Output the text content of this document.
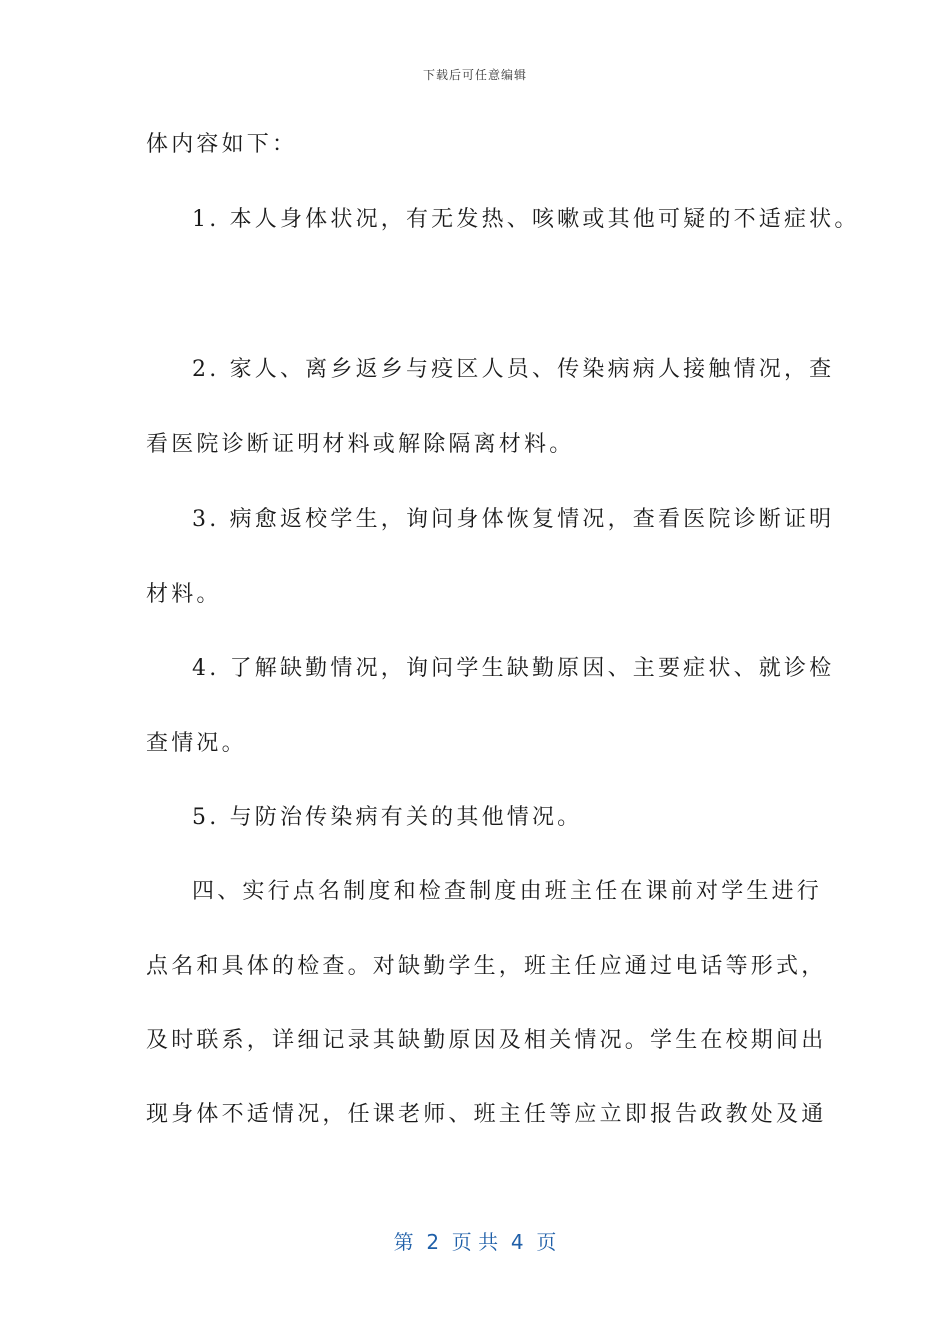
下载后可任意编辑
体内容如下：
1. 本人身体状况，有无发热、咳嗽或其他可疑的不适症状。
2. 家人、离乡返乡与疫区人员、传染病病人接触情况，查
看医院诊断证明材料或解除隔离材料。
3. 病愈返校学生，询问身体恢复情况，查看医院诊断证明
材料。
4. 了解缺勤情况，询问学生缺勤原因、主要症状、就诊检
查情况。
5. 与防治传染病有关的其他情况。
四、实行点名制度和检查制度由班主任在课前对学生进行
点名和具体的检查。对缺勤学生，班主任应通过电话等形式，
及时联系，详细记录其缺勤原因及相关情况。学生在校期间出
现身体不适情况，任课老师、班主任等应立即报告政教处及通
第  2  页 共  4  页
